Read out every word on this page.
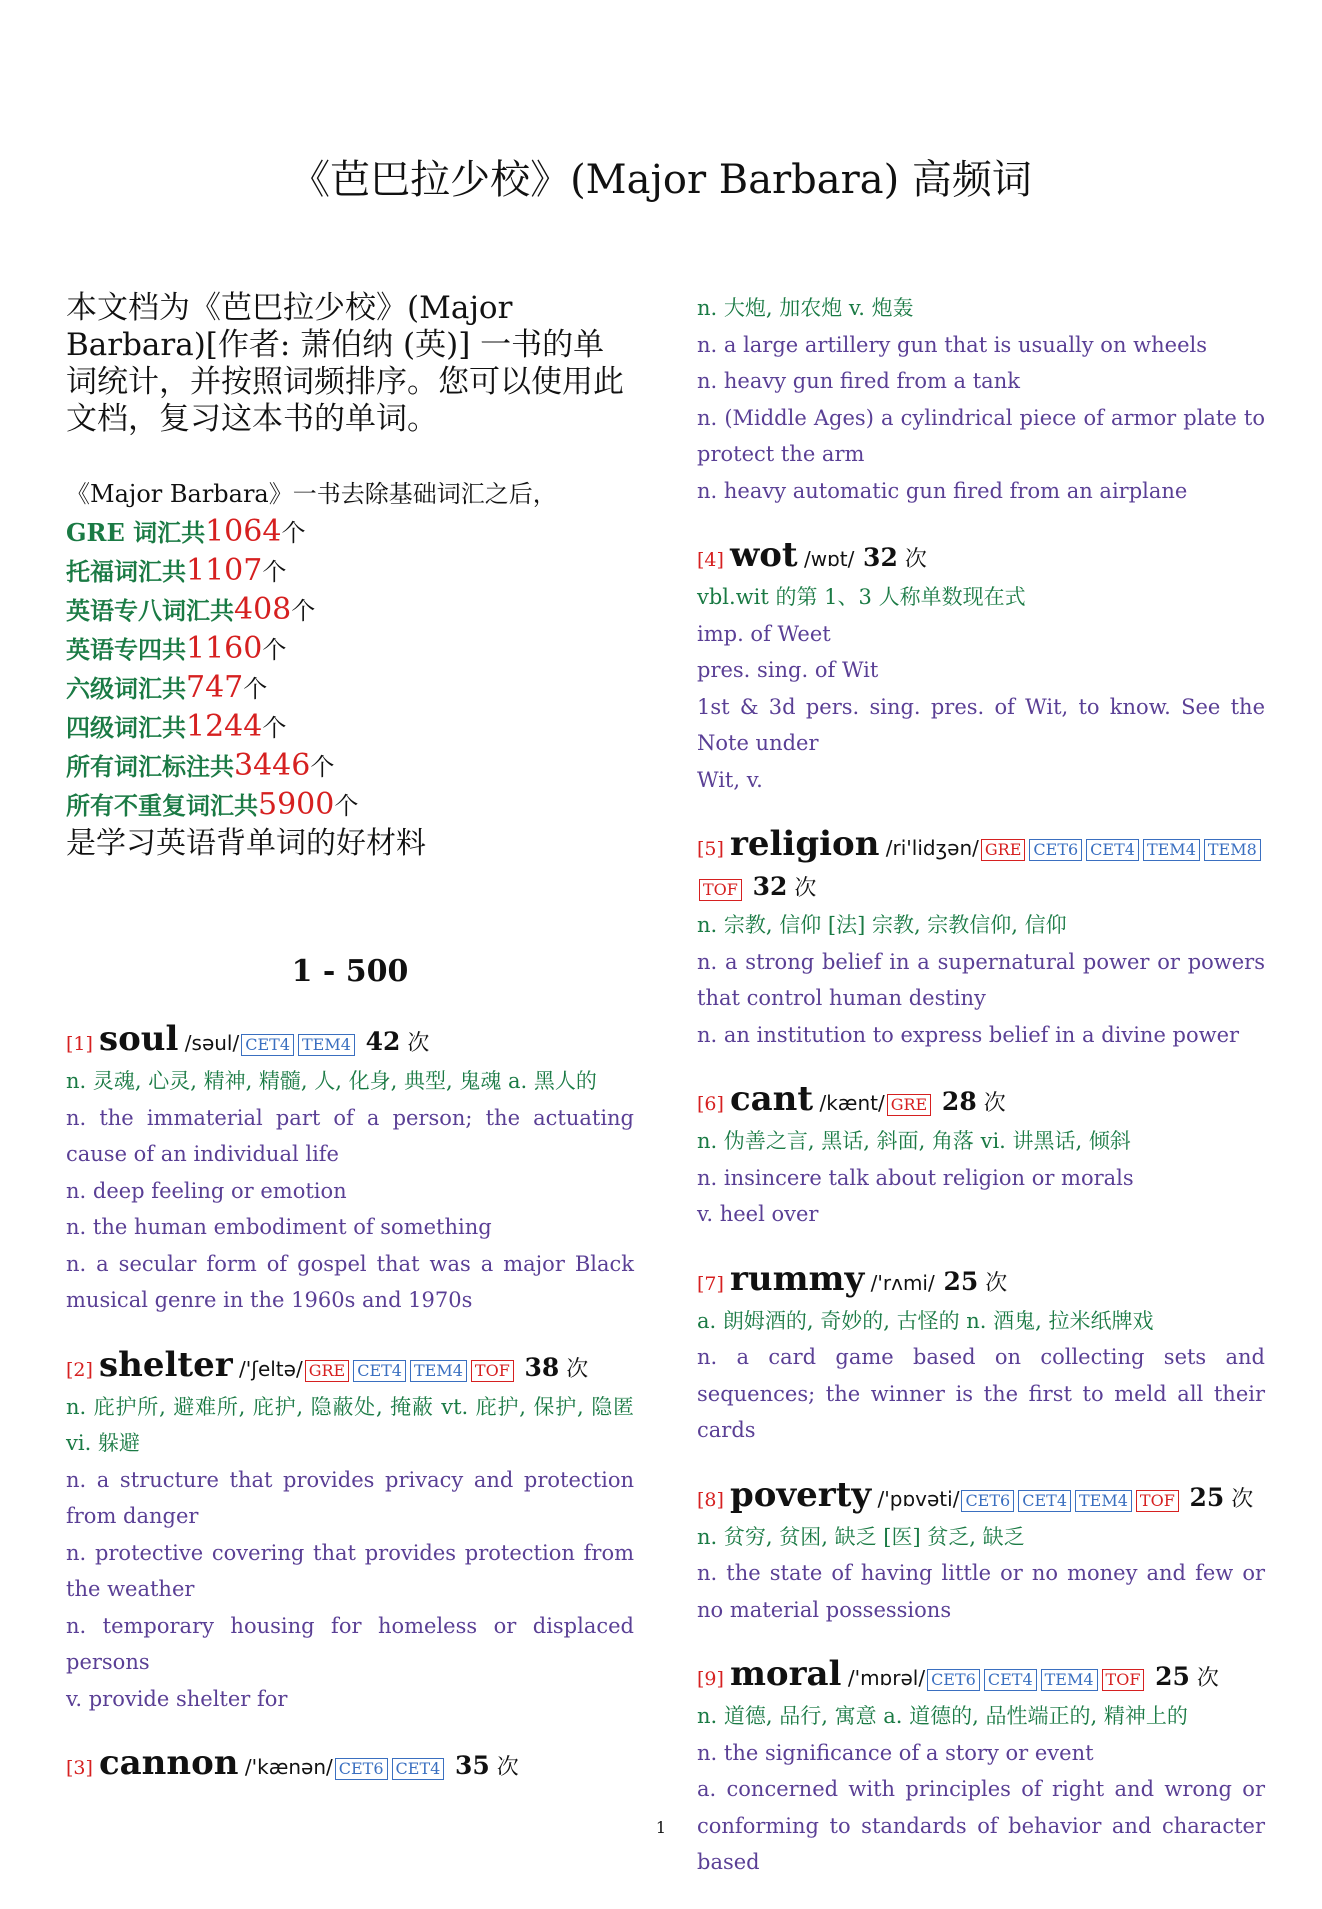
《芭巴拉少校》(Major Barbara) 高频词
本文档为《芭巴拉少校》(Major Barbara)[作者: 萧伯纳 (英)] 一书的单词统计，并按照词频排序。您可以使用此文档，复习这本书的单词。
《Major Barbara》一书去除基础词汇之后，
GRE 词汇共1064个
托福词汇共1107个
英语专八词汇共408个
英语专四共1160个
六级词汇共747个
四级词汇共1244个
所有词汇标注共3446个
所有不重复词汇共5900个
是学习英语背单词的好材料
1 - 500
[1] soul /səul/ CET4 TEM4 42 次
n. 灵魂, 心灵, 精神, 精髓, 人, 化身, 典型, 鬼魂 a. 黑人的
n. the immaterial part of a person; the actuating cause of an individual life
n. deep feeling or emotion
n. the human embodiment of something
n. a secular form of gospel that was a major Black musical genre in the 1960s and 1970s
[2] shelter /'ʃeltə/ GRE CET4 TEM4 TOF 38 次
n. 庇护所, 避难所, 庇护, 隐蔽处, 掩蔽 vt. 庇护, 保护, 隐匿 vi. 躲避
n. a structure that provides privacy and protection from danger
n. protective covering that provides protection from the weather
n. temporary housing for homeless or displaced persons
v. provide shelter for
[3] cannon /'kænən/ CET6 CET4 35 次
n. 大炮, 加农炮 v. 炮轰
n. a large artillery gun that is usually on wheels
n. heavy gun fired from a tank
n. (Middle Ages) a cylindrical piece of armor plate to protect the arm
n. heavy automatic gun fired from an airplane
[4] wot /wɒt/ 32 次
vbl.wit 的第 1、3 人称单数现在式
imp. of Weet
pres. sing. of Wit
1st & 3d pers. sing. pres. of Wit, to know. See the Note under
Wit, v.
[5] religion /ri'lidʒən/ GRE CET6 CET4 TEM4 TEM8TOF 32 次
n. 宗教, 信仰 [法] 宗教, 宗教信仰, 信仰
n. a strong belief in a supernatural power or powers that control human destiny
n. an institution to express belief in a divine power
[6] cant /kænt/ GRE 28 次
n. 伪善之言, 黑话, 斜面, 角落 vi. 讲黑话, 倾斜
n. insincere talk about religion or morals
v. heel over
[7] rummy /'rʌmi/ 25 次
a. 朗姆酒的, 奇妙的, 古怪的 n. 酒鬼, 拉米纸牌戏
n. a card game based on collecting sets and sequences; the winner is the first to meld all their cards
[8] poverty /'pɒvəti/ CET6 CET4 TEM4 TOF 25 次
n. 贫穷, 贫困, 缺乏 [医] 贫乏, 缺乏
n. the state of having little or no money and few or no material possessions
[9] moral /'mɒrəl/ CET6 CET4 TEM4 TOF 25 次
n. 道德, 品行, 寓意 a. 道德的, 品性端正的, 精神上的
n. the significance of a story or event
a. concerned with principles of right and wrong or conforming to standards of behavior and character based
1
